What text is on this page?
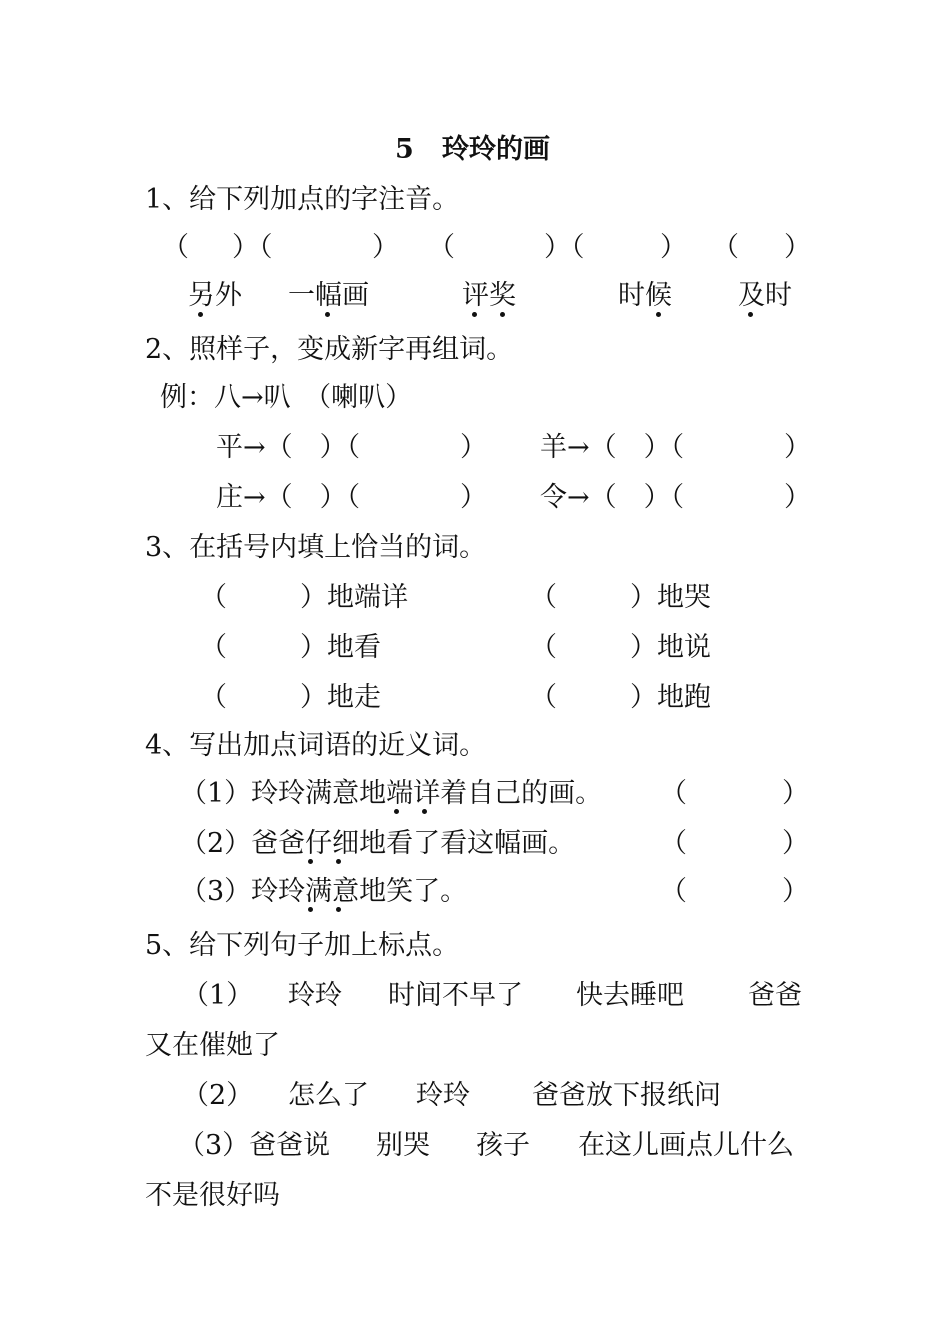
5   玲玲的画
1、给下列加点的字注音。
（ ）（	） （	）（	） （ ）
另外 一幅画	评奖	时候 及时
2、照样子，变成新字再组词。
例：八→叭　（喇叭）
平→（　）（	） 羊→（　）（	）
庄→（　）（	） 令→（　）（	）
3、在括号内填上恰当的词。
（	）地端详	（	）地哭
（	）地看	（	）地说
（	）地走	（	）地跑
4、写出加点词语的近义词。
（1）玲玲满意地端详着自己的画。 （	）
（2）爸爸仔细地看了看这幅画。	（	）
（3）玲玲满意地笑了。	（	）
5、给下列句子加上标点。
（1） 玲玲 时间不早了 快去睡吧 爸爸
又在催她了
（2） 怎么了 玲玲 爸爸放下报纸问
（3）爸爸说 别哭 孩子 在这儿画点儿什么
不是很好吗
